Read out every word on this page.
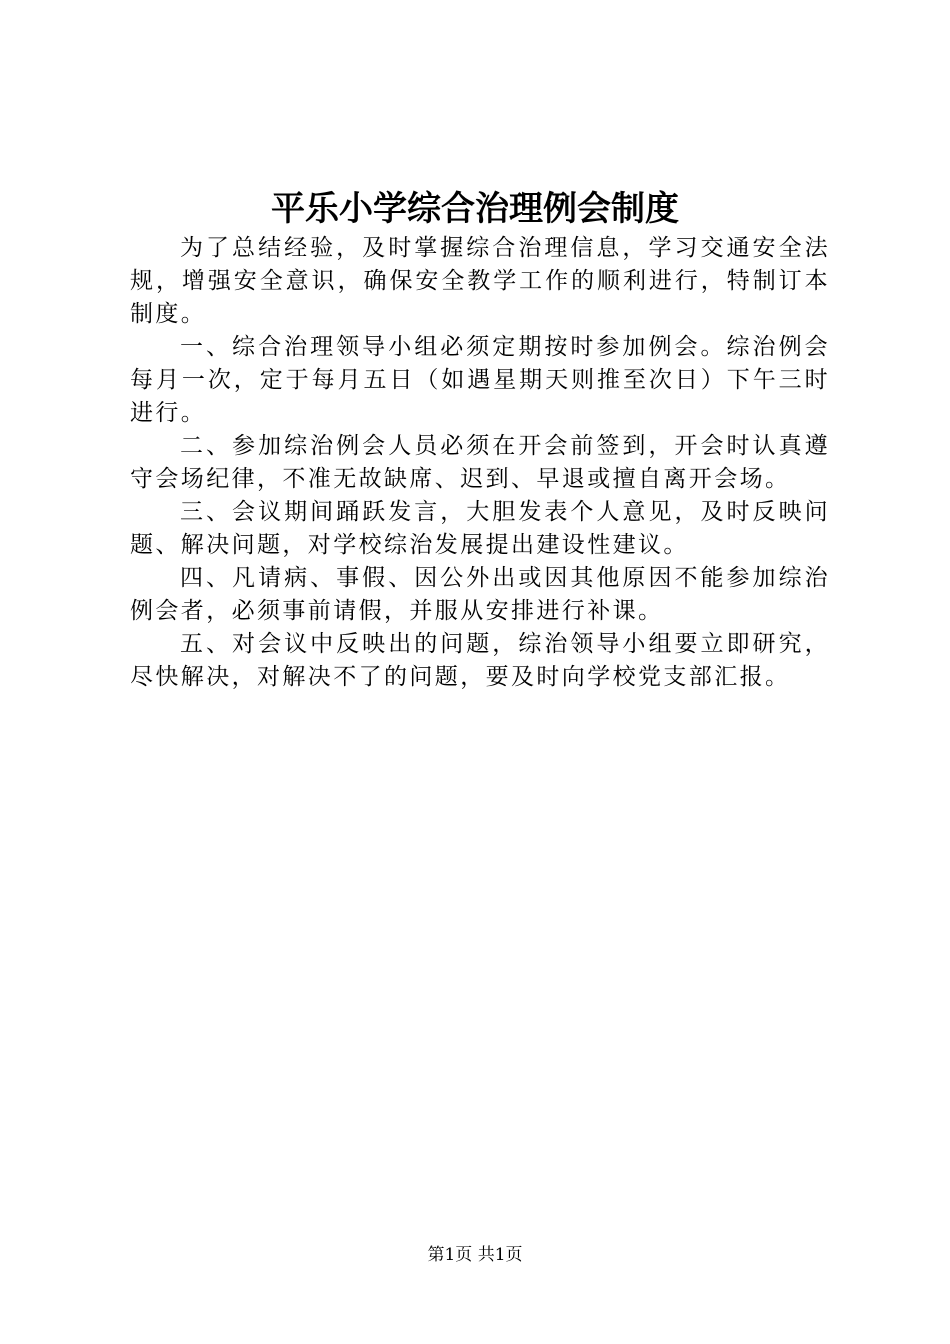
平乐小学综合治理例会制度

为了总结经验，及时掌握综合治理信息，学习交通安全法规，增强安全意识，确保安全教学工作的顺利进行，特制订本制度。

一、综合治理领导小组必须定期按时参加例会。综治例会每月一次，定于每月五日（如遇星期天则推至次日）下午三时进行。

二、参加综治例会人员必须在开会前签到，开会时认真遵守会场纪律，不准无故缺席、迟到、早退或擅自离开会场。

三、会议期间踊跃发言，大胆发表个人意见，及时反映问题、解决问题，对学校综治发展提出建设性建议。

四、凡请病、事假、因公外出或因其他原因不能参加综治例会者，必须事前请假，并服从安排进行补课。

五、对会议中反映出的问题，综治领导小组要立即研究，尽快解决，对解决不了的问题，要及时向学校党支部汇报。

第1页 共1页
